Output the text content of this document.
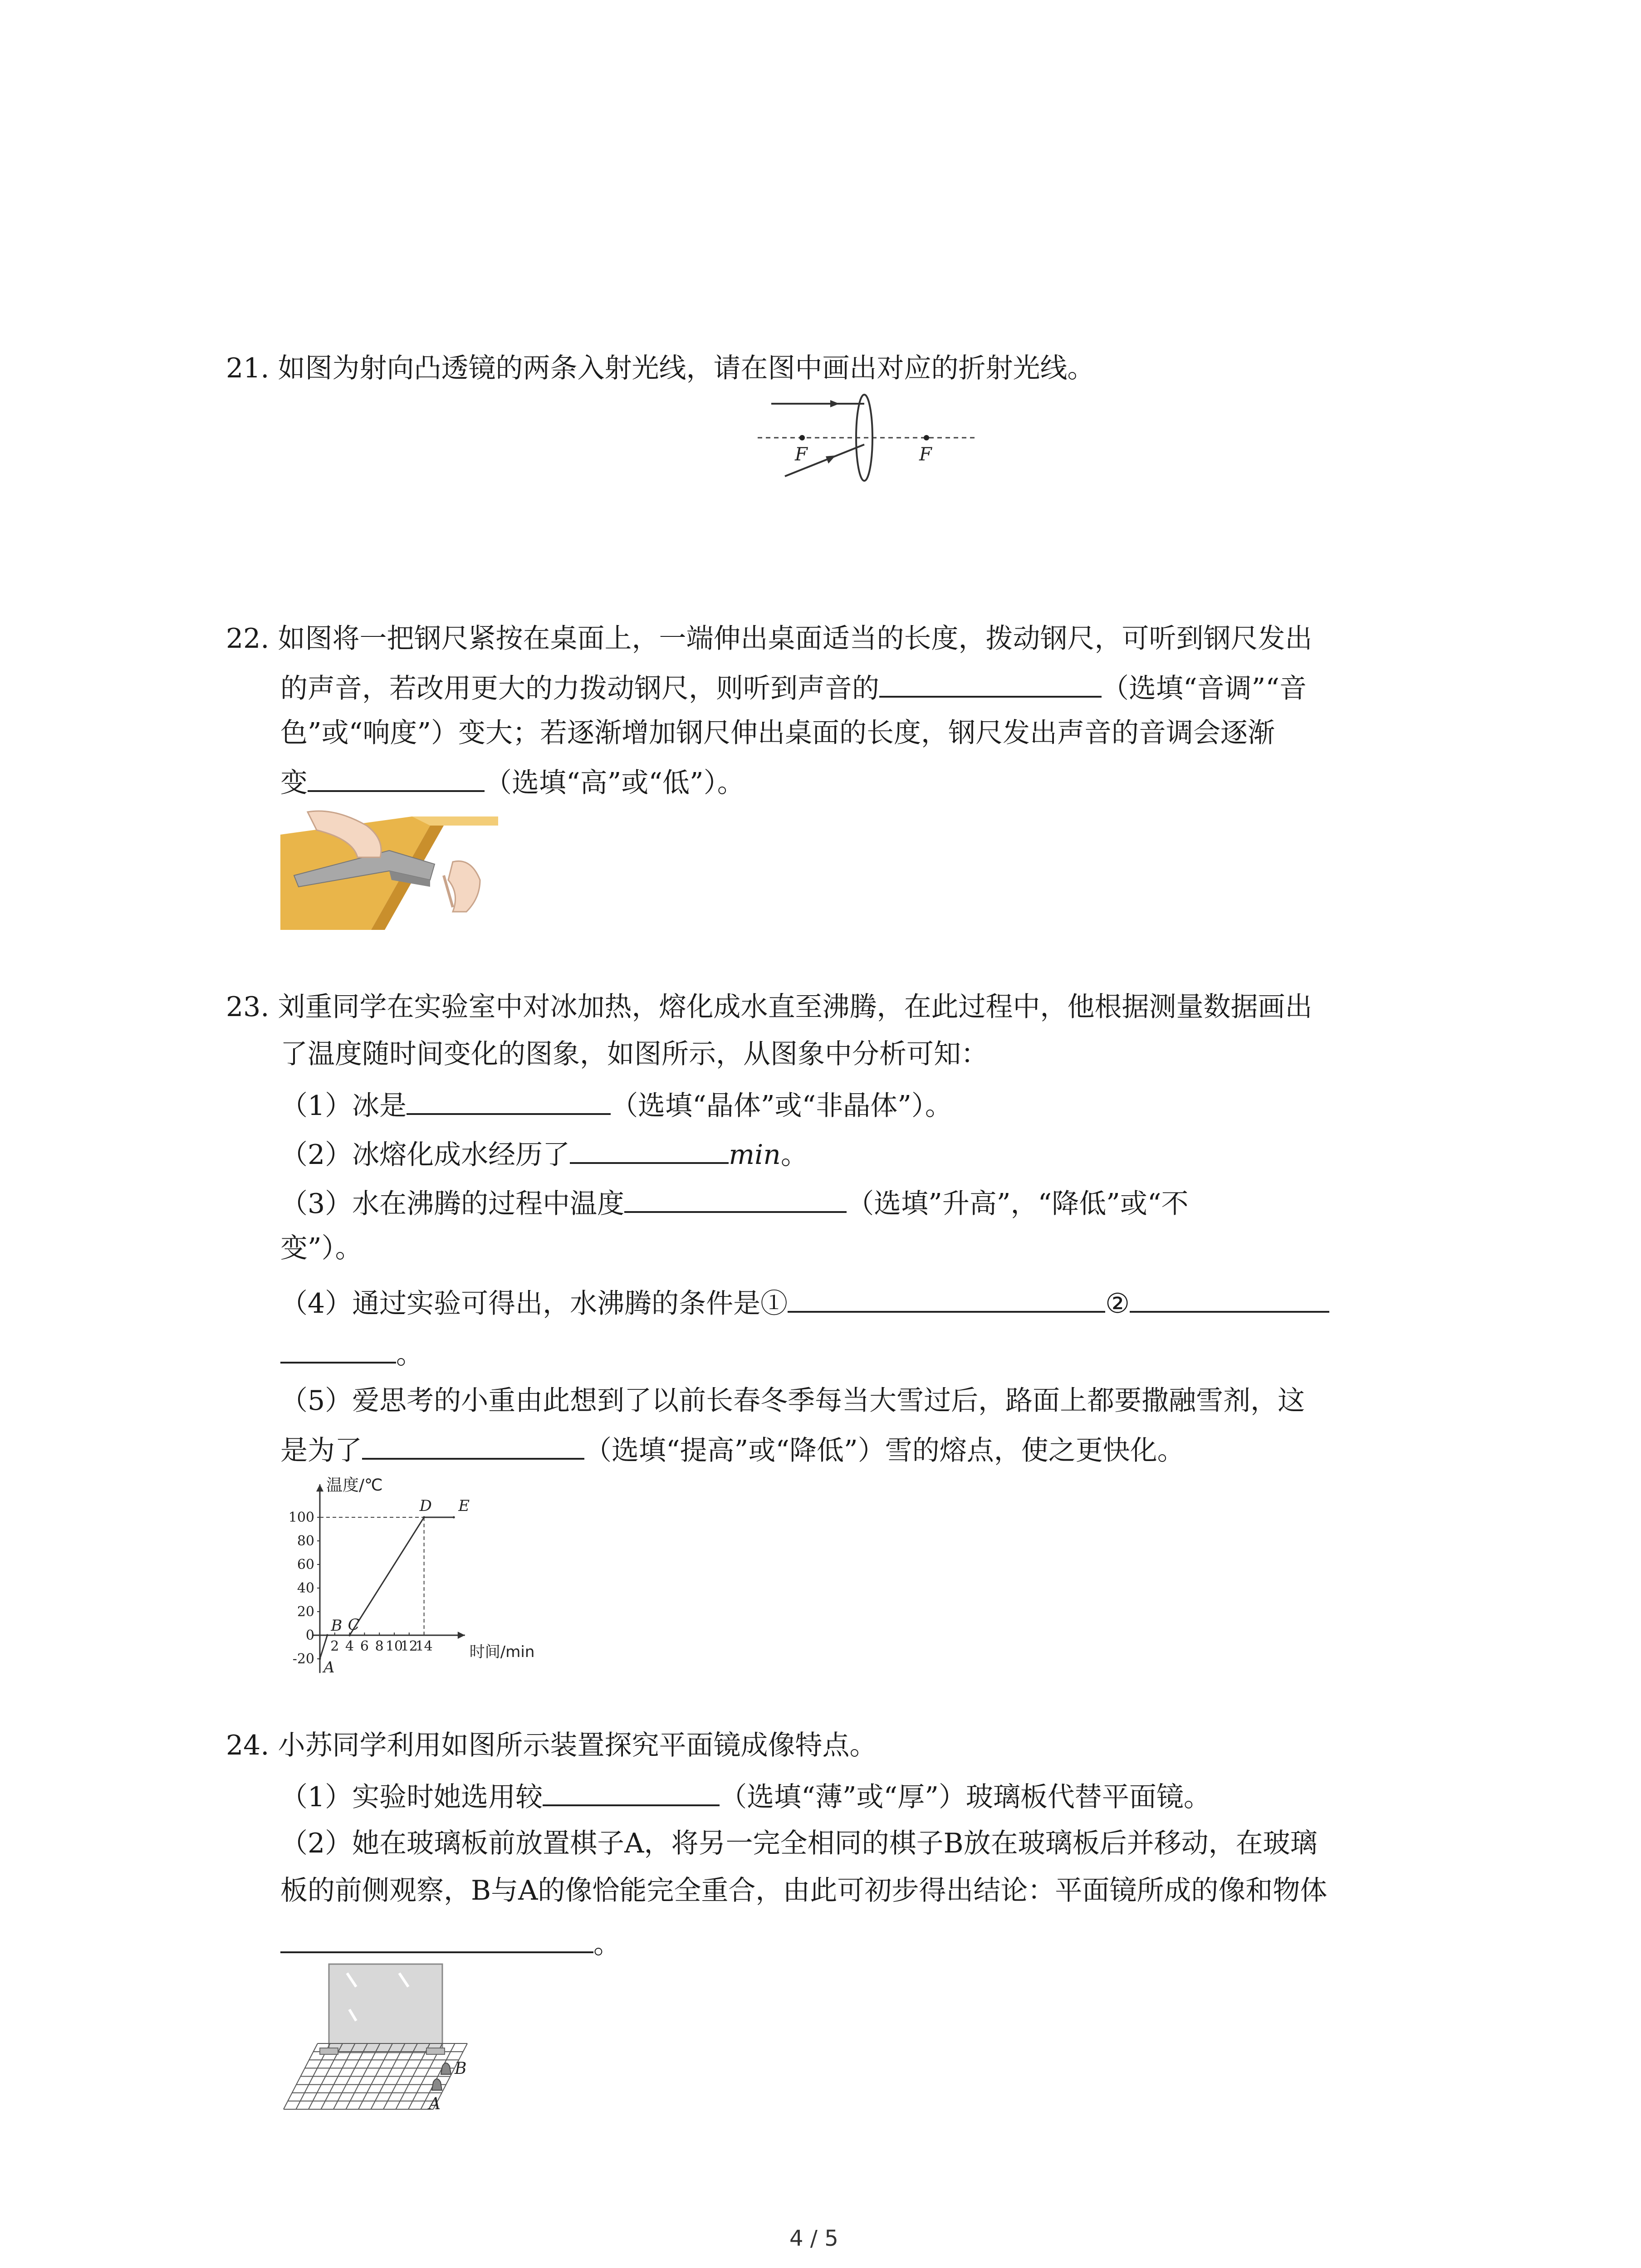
21. 如图为射向凸透镜的两条入射光线，请在图中画出对应的折射光线。
F	F
22. 如图将一把钢尺紧按在桌面上，一端伸出桌面适当的长度，拨动钢尺，可听到钢尺发出
的声音，若改用更大的力拨动钢尺，则听到声音的	（选填“音调”“音
色”或“响度”）变大；若逐渐增加钢尺伸出桌面的长度，钢尺发出声音的音调会逐渐
变	（选填“高”或“低”）。
23. 刘重同学在实验室中对冰加热，熔化成水直至沸腾，在此过程中，他根据测量数据画出
了温度随时间变化的图象，如图所示，从图象中分析可知：
（1）冰是	（选填“晶体”或“非晶体”）。
（2）冰熔化成水经历了	min。
（3）水在沸腾的过程中温度	（选填”升高”，“降低”或“不
变”）。
（4）通过实验可得出，水沸腾的条件是①	②
。
（5）爱思考的小重由此想到了以前长春冬季每当大雪过后，路面上都要撒融雪剂，这
是为了	（选填“提高”或“降低”）雪的熔点，使之更快化。
100
80
60
40
20
0
-20
2 4 6 8 10
12
14
A
B C
D E
温度/℃
时间/min
24. 小苏同学利用如图所示装置探究平面镜成像特点。
（1）实验时她选用较	（选填“薄”或“厚”）玻璃板代替平面镜。
（2）她在玻璃板前放置棋子A，将另一完全相同的棋子B放在玻璃板后并移动，在玻璃
板的前侧观察，B与A的像恰能完全重合，由此可初步得出结论：平面镜所成的像和物体
。
B
A
4 / 5
